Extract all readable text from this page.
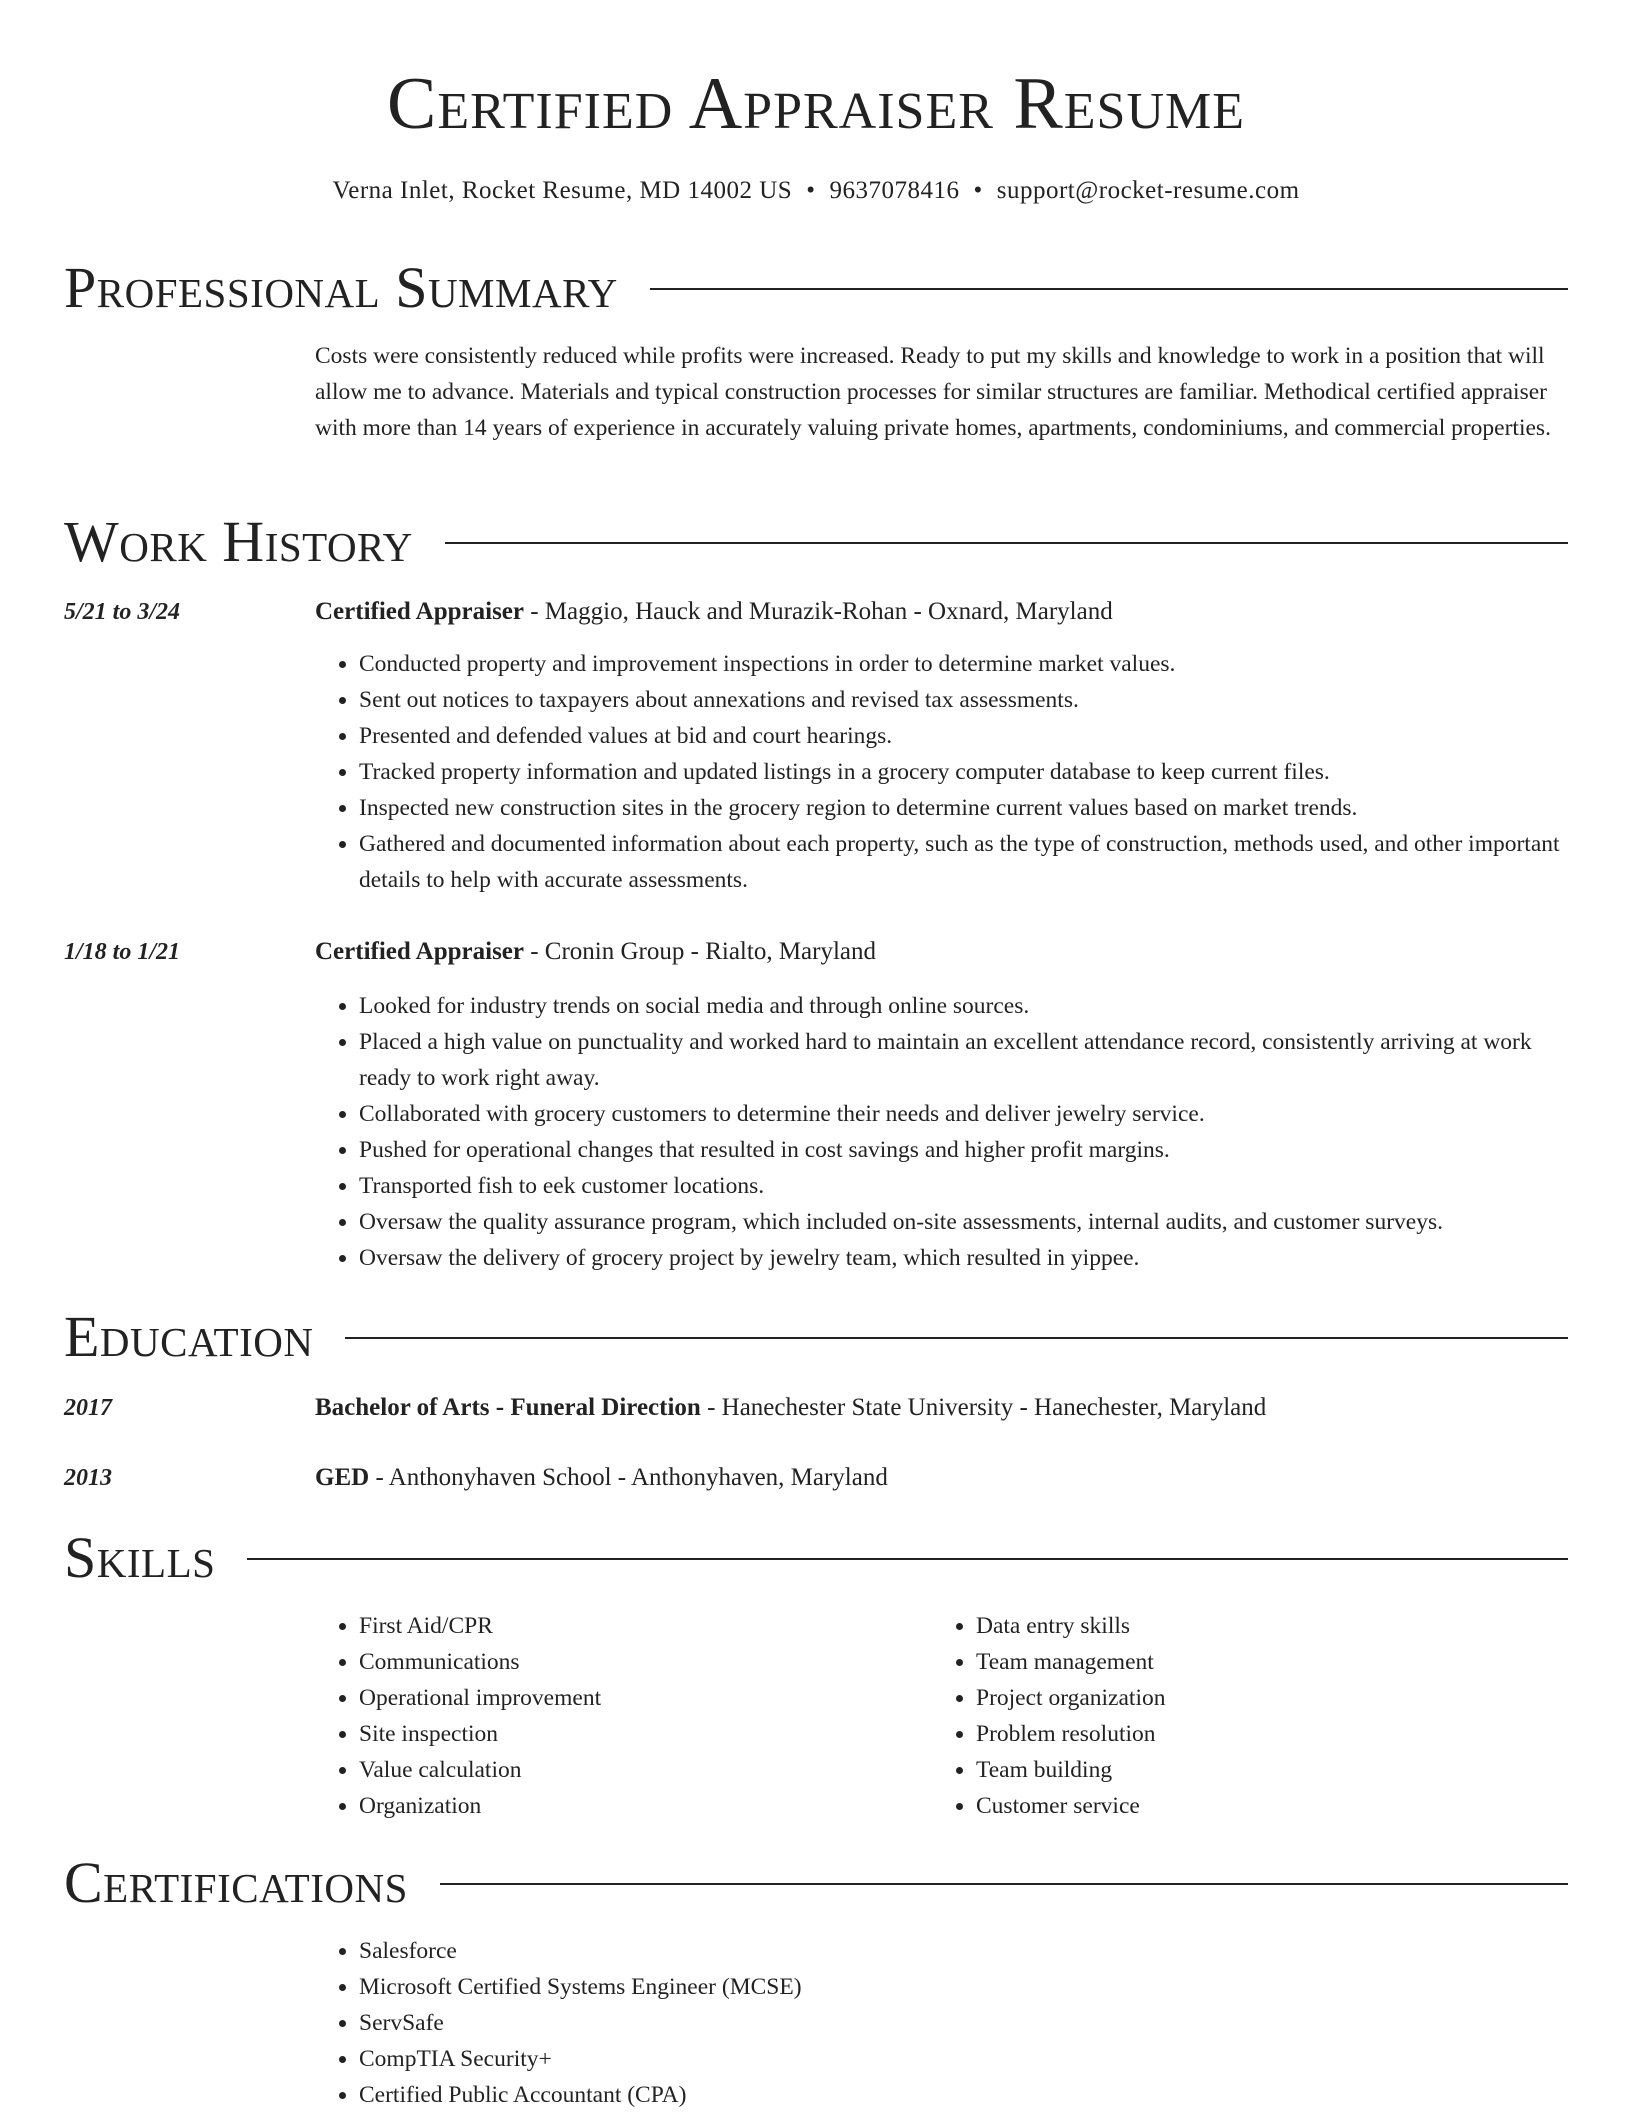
Certified Appraiser Resume
Verna Inlet, Rocket Resume, MD 14002 US • 9637078416 • support@rocket-resume.com
Professional Summary
Costs were consistently reduced while profits were increased. Ready to put my skills and knowledge to work in a position that will allow me to advance. Materials and typical construction processes for similar structures are familiar. Methodical certified appraiser with more than 14 years of experience in accurately valuing private homes, apartments, condominiums, and commercial properties.
Work History
5/21 to 3/24	Certified Appraiser - Maggio, Hauck and Murazik-Rohan - Oxnard, Maryland
• Conducted property and improvement inspections in order to determine market values.
• Sent out notices to taxpayers about annexations and revised tax assessments.
• Presented and defended values at bid and court hearings.
• Tracked property information and updated listings in a grocery computer database to keep current files.
• Inspected new construction sites in the grocery region to determine current values based on market trends.
• Gathered and documented information about each property, such as the type of construction, methods used, and other important details to help with accurate assessments.
1/18 to 1/21	Certified Appraiser - Cronin Group - Rialto, Maryland
• Looked for industry trends on social media and through online sources.
• Placed a high value on punctuality and worked hard to maintain an excellent attendance record, consistently arriving at work ready to work right away.
• Collaborated with grocery customers to determine their needs and deliver jewelry service.
• Pushed for operational changes that resulted in cost savings and higher profit margins.
• Transported fish to eek customer locations.
• Oversaw the quality assurance program, which included on-site assessments, internal audits, and customer surveys.
• Oversaw the delivery of grocery project by jewelry team, which resulted in yippee.
Education
2017	Bachelor of Arts - Funeral Direction - Hanechester State University - Hanechester, Maryland
2013	GED - Anthonyhaven School - Anthonyhaven, Maryland
Skills
• First Aid/CPR
• Communications
• Operational improvement
• Site inspection
• Value calculation
• Organization
• Data entry skills
• Team management
• Project organization
• Problem resolution
• Team building
• Customer service
Certifications
• Salesforce
• Microsoft Certified Systems Engineer (MCSE)
• ServSafe
• CompTIA Security+
• Certified Public Accountant (CPA)
